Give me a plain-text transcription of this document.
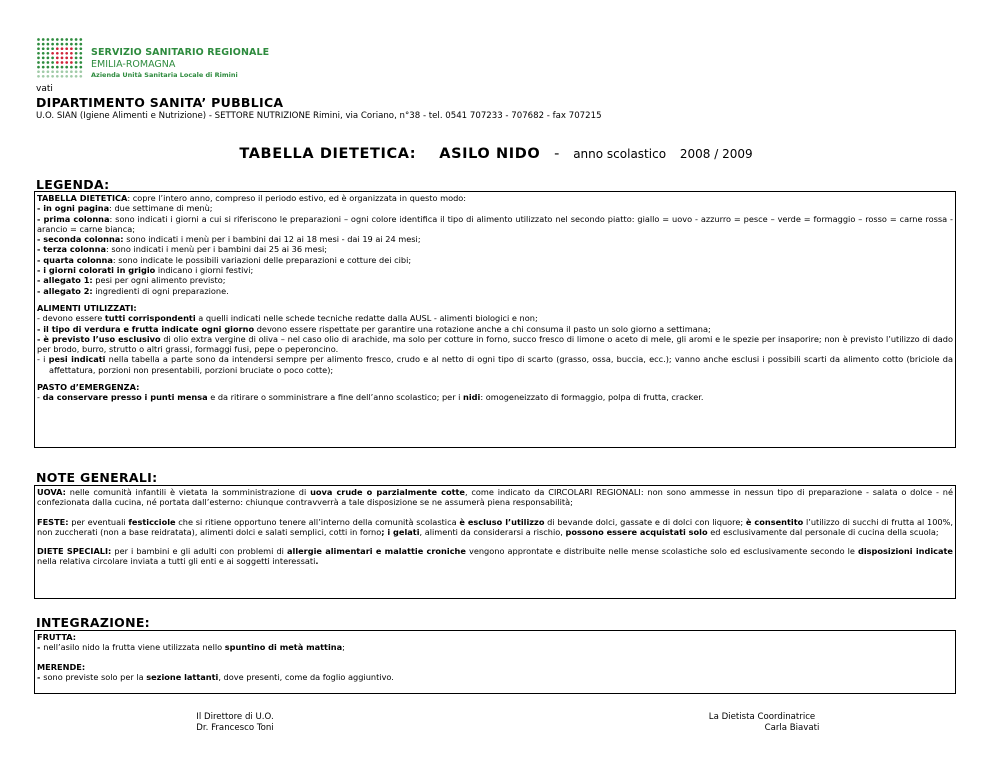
SERVIZIO SANITARIO REGIONALE
EMILIA-ROMAGNA
Azienda Unità Sanitaria Locale di Rimini
vati
DIPARTIMENTO SANITA’ PUBBLICA
U.O. SIAN (Igiene Alimenti e Nutrizione) - SETTORE NUTRIZIONE Rimini, via Coriano, n°38 - tel. 0541 707233 - 707682 - fax 707215
TABELLA DIETETICA: ASILO NIDO - anno scolastico 2008 / 2009
LEGENDA:

TABELLA DIETETICA: copre l’intero anno, compreso il periodo estivo, ed è organizzata in questo modo:

- in ogni pagina: due settimane di menù;

- prima colonna: sono indicati i giorni a cui si riferiscono le preparazioni – ogni colore identifica il tipo di alimento utilizzato nel secondo piatto: giallo = uovo - azzurro = pesce – verde = formaggio – rosso = carne rossa - arancio = carne bianca;

- seconda colonna: sono indicati i menù per i bambini dai 12 ai 18 mesi - dai 19 ai 24 mesi;

- terza colonna: sono indicati i menù per i bambini dai 25 ai 36 mesi;

- quarta colonna: sono indicate le possibili variazioni delle preparazioni e cotture dei cibi;

- i giorni colorati in grigio indicano i giorni festivi;

- allegato 1: pesi per ogni alimento previsto;

- allegato 2: ingredienti di ogni preparazione.

ALIMENTI UTILIZZATI:

- devono essere tutti corrispondenti a quelli indicati nelle schede tecniche redatte dalla AUSL - alimenti biologici e non;

- il tipo di verdura e frutta indicate ogni giorno devono essere rispettate per garantire una rotazione anche a chi consuma il pasto un solo giorno a settimana;

- è previsto l’uso esclusivo di olio extra vergine di oliva – nel caso olio di arachide, ma solo per cotture in forno, succo fresco di limone o aceto di mele, gli aromi e le spezie per insaporire; non è previsto l’utilizzo di dado per brodo, burro, strutto o altri grassi, formaggi fusi, pepe o peperoncino.

- i pesi indicati nella tabella a parte sono da intendersi sempre per alimento fresco, crudo e al netto di ogni tipo di scarto (grasso, ossa, buccia, ecc.); vanno anche esclusi i possibili scarti da alimento cotto (briciole da affettatura, porzioni non presentabili, porzioni bruciate o poco cotte);

PASTO d’EMERGENZA:

- da conservare presso i punti mensa e da ritirare o somministrare a fine dell’anno scolastico; per i nidi: omogeneizzato di formaggio, polpa di frutta, cracker.

NOTE GENERALI:

UOVA: nelle comunità infantili è vietata la somministrazione di uova crude o parzialmente cotte, come indicato da CIRCOLARI REGIONALI: non sono ammesse in nessun tipo di preparazione - salata o dolce - né confezionata dalla cucina, né portata dall’esterno: chiunque contravverrà a tale disposizione se ne assumerà piena responsabilità;

FESTE: per eventuali festicciole che si ritiene opportuno tenere all’interno della comunità scolastica è escluso l’utilizzo di bevande dolci, gassate e di dolci con liquore; è consentito l’utilizzo di succhi di frutta al 100%, non zuccherati (non a base reidratata), alimenti dolci e salati semplici, cotti in forno; i gelati, alimenti da considerarsi a rischio, possono essere acquistati solo ed esclusivamente dal personale di cucina della scuola;

DIETE SPECIALI: per i bambini e gli adulti con problemi di allergie alimentari e malattie croniche vengono approntate e distribuite nelle mense scolastiche solo ed esclusivamente secondo le disposizioni indicate nella relativa circolare inviata a tutti gli enti e ai soggetti interessati.

INTEGRAZIONE:

FRUTTA:

- nell’asilo nido la frutta viene utilizzata nello spuntino di metà mattina;

MERENDE:

- sono previste solo per la sezione lattanti, dove presenti, come da foglio aggiuntivo.

Il Direttore di U.O.
Dr. Francesco Toni
La Dietista Coordinatrice
Carla Biavati
